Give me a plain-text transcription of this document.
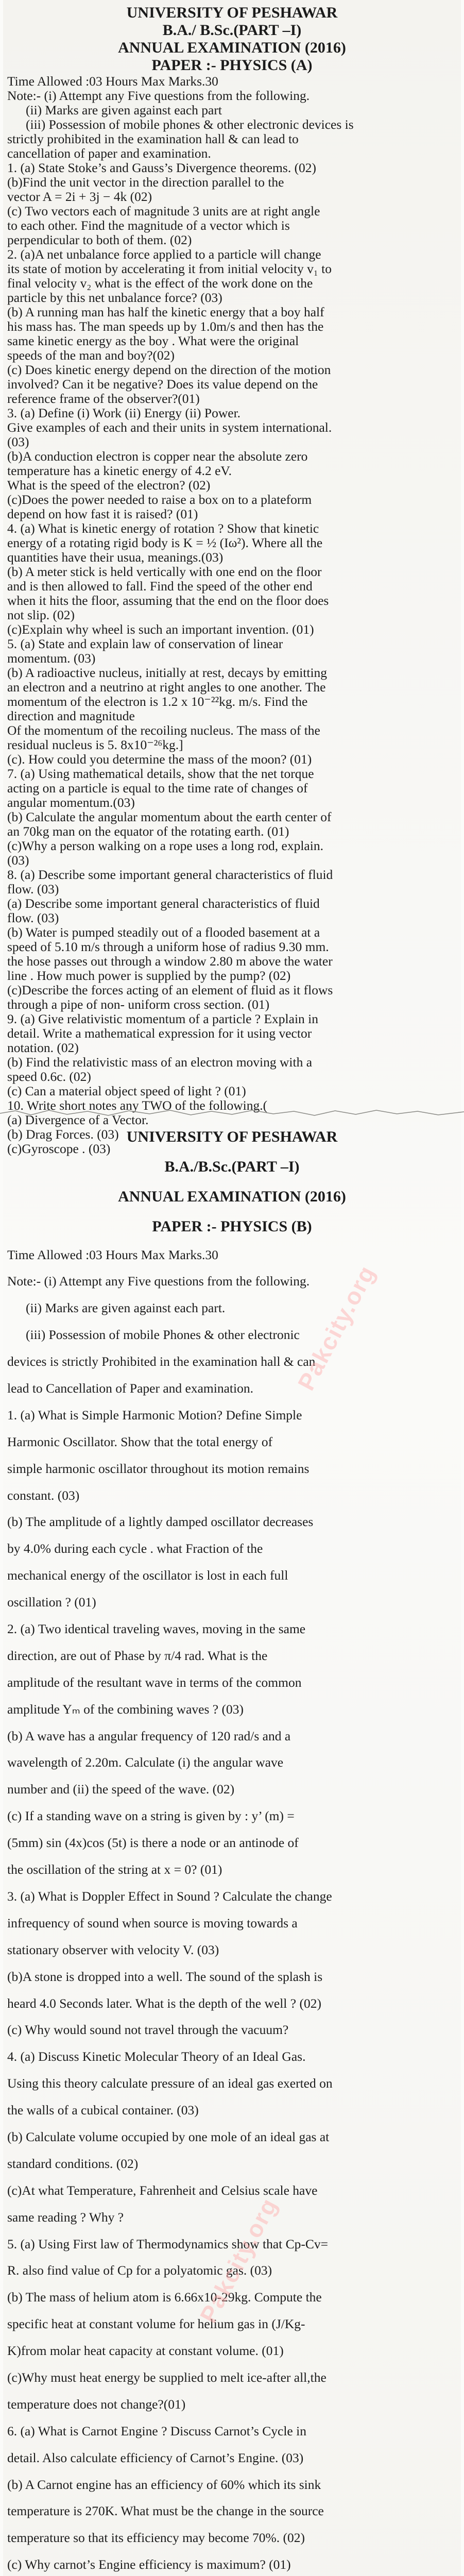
UNIVERSITY OF PESHAWAR
B.A./ B.Sc.(PART –I)
ANNUAL EXAMINATION (2016)
PAPER :- PHYSICS (A)
Time Allowed :03 Hours Max Marks.30
Note:- (i) Attempt any Five questions from the following.
(ii) Marks are given against each part
(iii) Possession of mobile phones & other electronic devices is
strictly prohibited in the examination hall & can lead to
cancellation of paper and examination.
1. (a) State Stoke’s and Gauss’s Divergence theorems. (02)
(b)Find the unit vector in the direction parallel to the
vector A = 2i + 3j − 4k (02)
(c) Two vectors each of magnitude 3 units are at right angle
to each other. Find the magnitude of a vector which is
perpendicular to both of them. (02)
2. (a)A net unbalance force applied to a particle will change
its state of motion by accelerating it from initial velocity v₁ to
final velocity v₂ what is the effect of the work done on the
particle by this net unbalance force? (03)
(b) A running man has half the kinetic energy that a boy half
his mass has. The man speeds up by 1.0m/s and then has the
same kinetic energy as the boy . What were the original
speeds of the man and boy?(02)
(c) Does kinetic energy depend on the direction of the motion
involved? Can it be negative? Does its value depend on the
reference frame of the observer?(01)
3. (a) Define (i) Work (ii) Energy (ii) Power.
Give examples of each and their units in system international.
(03)
(b)A conduction electron is copper near the absolute zero
temperature has a kinetic energy of 4.2 eV.
What is the speed of the electron? (02)
(c)Does the power needed to raise a box on to a plateform
depend on how fast it is raised? (01)
4. (a) What is kinetic energy of rotation ? Show that kinetic
energy of a rotating rigid body is K = ½ (Iω²). Where all the
quantities have their usua, meanings.(03)
(b) A meter stick is held vertically with one end on the floor
and is then allowed to fall. Find the speed of the other end
when it hits the floor, assuming that the end on the floor does
not slip. (02)
(c)Explain why wheel is such an important invention. (01)
5. (a) State and explain law of conservation of linear
momentum. (03)
(b) A radioactive nucleus, initially at rest, decays by emitting
an electron and a neutrino at right angles to one another. The
momentum of the electron is 1.2 x 10⁻²²kg. m/s. Find the
direction and magnitude
Of the momentum of the recoiling nucleus. The mass of the
residual nucleus is 5. 8x10⁻²⁶kg.]
(c). How could you determine the mass of the moon? (01)
7. (a) Using mathematical details, show that the net torque
acting on a particle is equal to the time rate of changes of
angular momentum.(03)
(b) Calculate the angular momentum about the earth center of
an 70kg man on the equator of the rotating earth. (01)
(c)Why a person walking on a rope uses a long rod, explain.
(03)
8. (a) Describe some important general characteristics of fluid
flow. (03)
(a) Describe some important general characteristics of fluid
flow. (03)
(b) Water is pumped steadily out of a flooded basement at a
speed of 5.10 m/s through a uniform hose of radius 9.30 mm.
the hose passes out through a window 2.80 m above the water
line . How much power is supplied by the pump? (02)
(c)Describe the forces acting of an element of fluid as it flows
through a pipe of non- uniform cross section. (01)
9. (a) Give relativistic momentum of a particle ? Explain in
detail. Write a mathematical expression for it using vector
notation. (02)
(b) Find the relativistic mass of an electron moving with a
speed 0.6c. (02)
(c) Can a material object speed of light ? (01)
10. Write short notes any TWO of the following.(
(a) Divergence of a Vector.
(b) Drag Forces. (03)
(c)Gyroscope . (03)
UNIVERSITY OF PESHAWAR
B.A./B.Sc.(PART –I)
ANNUAL EXAMINATION (2016)
PAPER :- PHYSICS (B)
Time Allowed :03 Hours Max Marks.30
Note:- (i) Attempt any Five questions from the following.
(ii) Marks are given against each part.
(iii) Possession of mobile Phones & other electronic
devices is strictly Prohibited in the examination hall & can
lead to Cancellation of Paper and examination.
1. (a) What is Simple Harmonic Motion? Define Simple
Harmonic Oscillator. Show that the total energy of
simple harmonic oscillator throughout its motion remains
constant. (03)
(b) The amplitude of a lightly damped oscillator decreases
by 4.0% during each cycle . what Fraction of the
mechanical energy of the oscillator is lost in each full
oscillation ? (01)
2. (a) Two identical traveling waves, moving in the same
direction, are out of Phase by π/4 rad. What is the
amplitude of the resultant wave in terms of the common
amplitude Yₘ of the combining waves ? (03)
(b) A wave has a angular frequency of 120 rad/s and a
wavelength of 2.20m. Calculate (i) the angular wave
number and (ii) the speed of the wave. (02)
(c) If a standing wave on a string is given by : y’ (m) =
(5mm) sin (4x)cos (5t) is there a node or an antinode of
the oscillation of the string at x = 0? (01)
3. (a) What is Doppler Effect in Sound ? Calculate the change
infrequency of sound when source is moving towards a
stationary observer with velocity V. (03)
(b)A stone is dropped into a well. The sound of the splash is
heard 4.0 Seconds later. What is the depth of the well ? (02)
(c) Why would sound not travel through the vacuum?
4. (a) Discuss Kinetic Molecular Theory of an Ideal Gas.
Using this theory calculate pressure of an ideal gas exerted on
the walls of a cubical container. (03)
(b) Calculate volume occupied by one mole of an ideal gas at
standard conditions. (02)
(c)At what Temperature, Fahrenheit and Celsius scale have
same reading ? Why ?
5. (a) Using First law of Thermodynamics show that Cp-Cv=
R. also find value of Cp for a polyatomic gas. (03)
(b) The mass of helium atom is 6.66x10-29kg. Compute the
specific heat at constant volume for helium gas in (J/Kg-
K)from molar heat capacity at constant volume. (01)
(c)Why must heat energy be supplied to melt ice-after all,the
temperature does not change?(01)
6. (a) What is Carnot Engine ? Discuss Carnot’s Cycle in
detail. Also calculate efficiency of Carnot’s Engine. (03)
(b) A Carnot engine has an efficiency of 60% which its sink
temperature is 270K. What must be the change in the source
temperature so that its efficiency may become 70%. (02)
(c) Why carnot’s Engine efficiency is maximum? (01)
Pakcity.org
Pakcity.org
